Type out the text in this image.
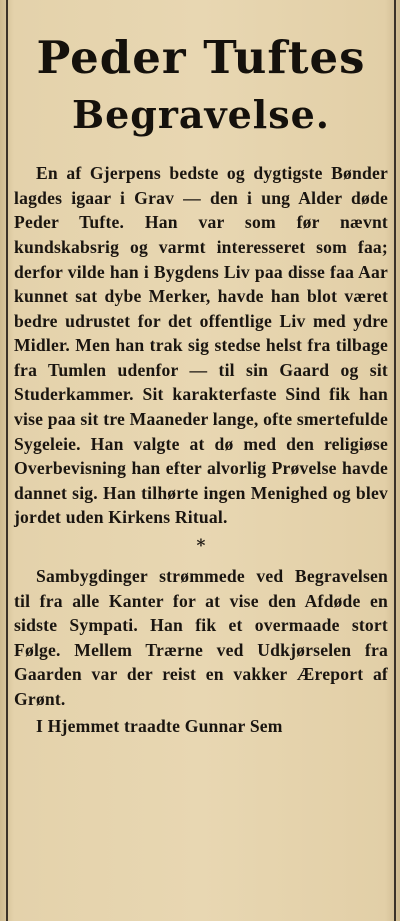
Peder Tuftes
Begravelse.

En af Gjerpens bedste og dygtigste Bønder lagdes igaar i Grav — den i ung Alder døde Peder Tufte. Han var som før nævnt kundskabsrig og varmt interesseret som faa; derfor vilde han i Bygdens Liv paa disse faa Aar kunnet sat dybe Merker, havde han blot været bedre udrustet for det offentlige Liv med ydre Midler. Men han trak sig stedse helst fra tilbage fra Tumlen udenfor — til sin Gaard og sit Studerkammer. Sit karakterfaste Sind fik han vise paa sit tre Maaneder lange, ofte smertefulde Sygeleie. Han valgte at dø med den religiøse Overbevisning han efter alvorlig Prøvelse havde dannet sig. Han tilhørte ingen Menighed og blev jordet uden Kirkens Ritual.

*

Sambygdinger strømmede ved Begravelsen til fra alle Kanter for at vise den Afdøde en sidste Sympati. Han fik et overmaade stort Følge. Mellem Trærne ved Udkjørselen fra Gaarden var der reist en vakker Æreport af Grønt.

I Hjemmet traadte Gunnar Sem
